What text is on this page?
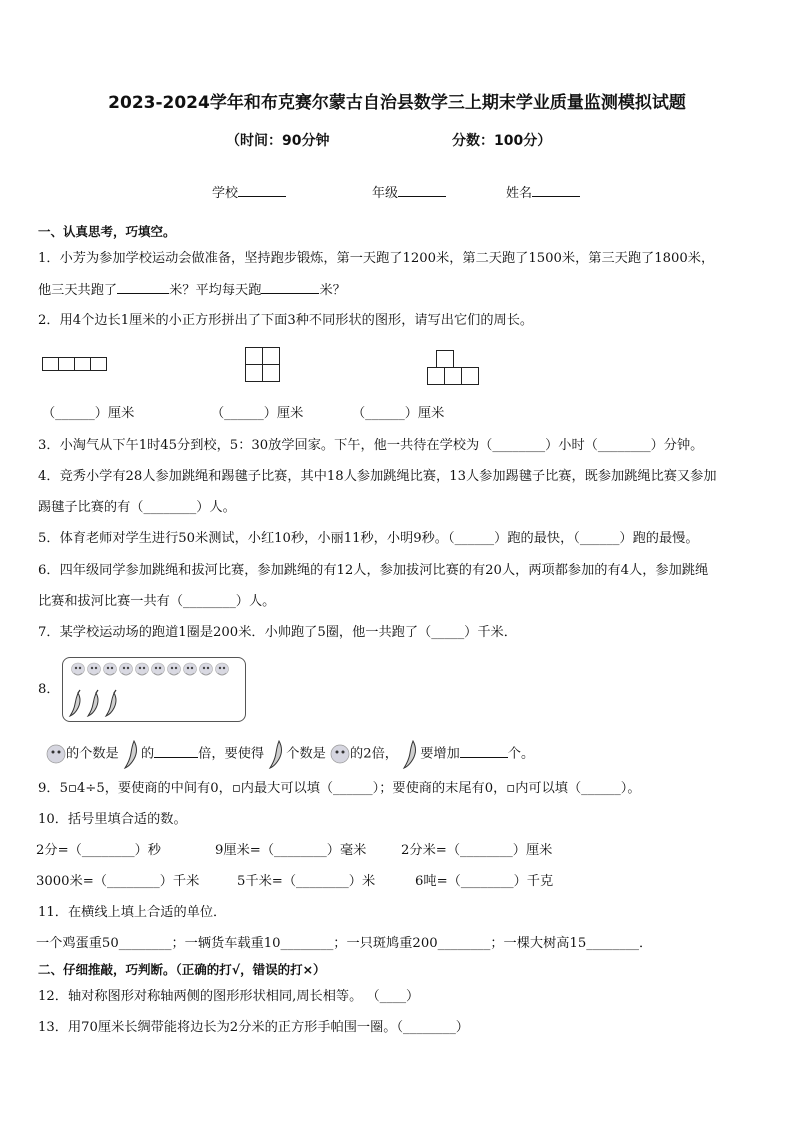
2023-2024学年和布克赛尔蒙古自治县数学三上期末学业质量监测模拟试题
（时间：90分钟	分数：100分）
学校	年级	姓名
一、认真思考，巧填空。
1．小芳为参加学校运动会做准备，坚持跑步锻炼，第一天跑了1200米，第二天跑了1500米，第三天跑了1800米，
他三天共跑了	米？平均每天跑	米？
2．用4个边长1厘米的小正方形拼出了下面3种不同形状的图形，请写出它们的周长。
（______）厘米	（______）厘米	（______）厘米
3．小淘气从下午1时45分到校，5：30放学回家。下午，他一共待在学校为（________）小时（________）分钟。
4．竞秀小学有28人参加跳绳和踢毽子比赛，其中18人参加跳绳比赛，13人参加踢毽子比赛，既参加跳绳比赛又参加
踢毽子比赛的有（________）人。
5．体育老师对学生进行50米测试，小红10秒，小丽11秒，小明9秒。（______）跑的最快，（______）跑的最慢。
6．四年级同学参加跳绳和拔河比赛，参加跳绳的有12人，参加拔河比赛的有20人，两项都参加的有4人，参加跳绳
比赛和拔河比赛一共有（________）人。
7．某学校运动场的跑道1圈是200米．小帅跑了5圈，他一共跑了（_____）千米．
8．
的个数是 的	倍，要使得 个数是 的2倍， 要增加	个。
9．5▫4÷5，要使商的中间有0，▫内最大可以填（______）；要使商的末尾有0，▫内可以填（______）。
10．括号里填合适的数。
2分=（________）秒	9厘米=（________）毫米	2分米=（________）厘米
3000米=（________）千米	5千米=（________）米	6吨=（________）千克
11．在横线上填上合适的单位．
一个鸡蛋重50________；一辆货车载重10________；一只斑鸠重200________；一棵大树高15________．
二、仔细推敲，巧判断。（正确的打√，错误的打×）
12．轴对称图形对称轴两侧的图形形状相同,周长相等。 （____）
13．用70厘米长绸带能将边长为2分米的正方形手帕围一圈。（________）
